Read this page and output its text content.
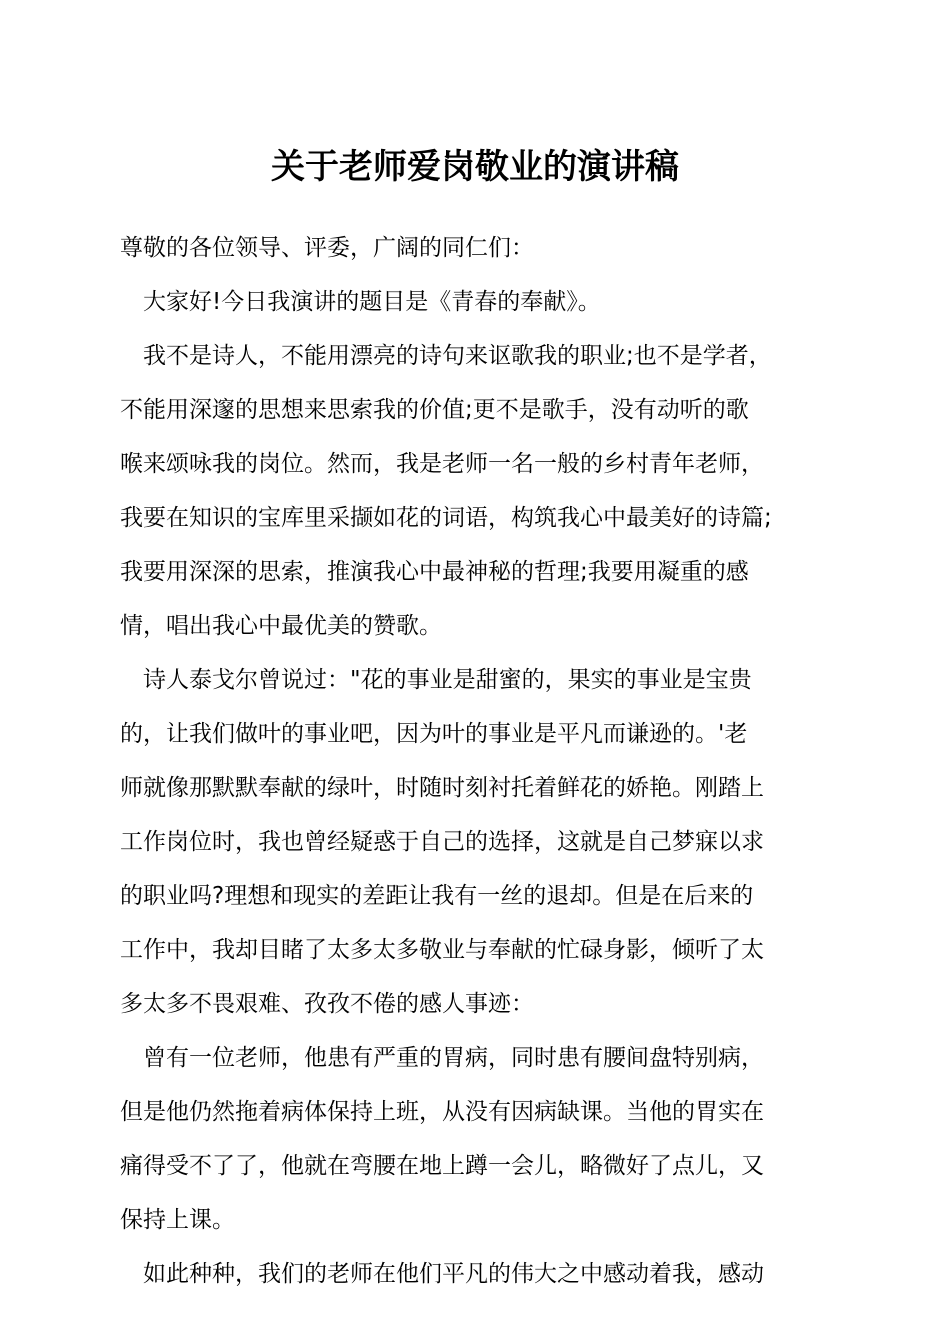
关于老师爱岗敬业的演讲稿

尊敬的各位领导、评委，广阔的同仁们：

　大家好!今日我演讲的题目是《青春的奉献》。

　我不是诗人，不能用漂亮的诗句来讴歌我的职业;也不是学者，

不能用深邃的思想来思索我的价值;更不是歌手，没有动听的歌

喉来颂咏我的岗位。然而，我是老师一名一般的乡村青年老师，

我要在知识的宝库里采撷如花的词语，构筑我心中最美好的诗篇;

我要用深深的思索，推演我心中最神秘的哲理;我要用凝重的感

情，唱出我心中最优美的赞歌。

　诗人泰戈尔曾说过："花的事业是甜蜜的，果实的事业是宝贵

的，让我们做叶的事业吧，因为叶的事业是平凡而谦逊的。'老

师就像那默默奉献的绿叶，时随时刻衬托着鲜花的娇艳。刚踏上

工作岗位时，我也曾经疑惑于自己的选择，这就是自己梦寐以求

的职业吗?理想和现实的差距让我有一丝的退却。但是在后来的

工作中，我却目睹了太多太多敬业与奉献的忙碌身影，倾听了太

多太多不畏艰难、孜孜不倦的感人事迹：

　曾有一位老师，他患有严重的胃病，同时患有腰间盘特别病，

但是他仍然拖着病体保持上班，从没有因病缺课。当他的胃实在

痛得受不了了，他就在弯腰在地上蹲一会儿，略微好了点儿，又

保持上课。

　如此种种，我们的老师在他们平凡的伟大之中感动着我，感动
